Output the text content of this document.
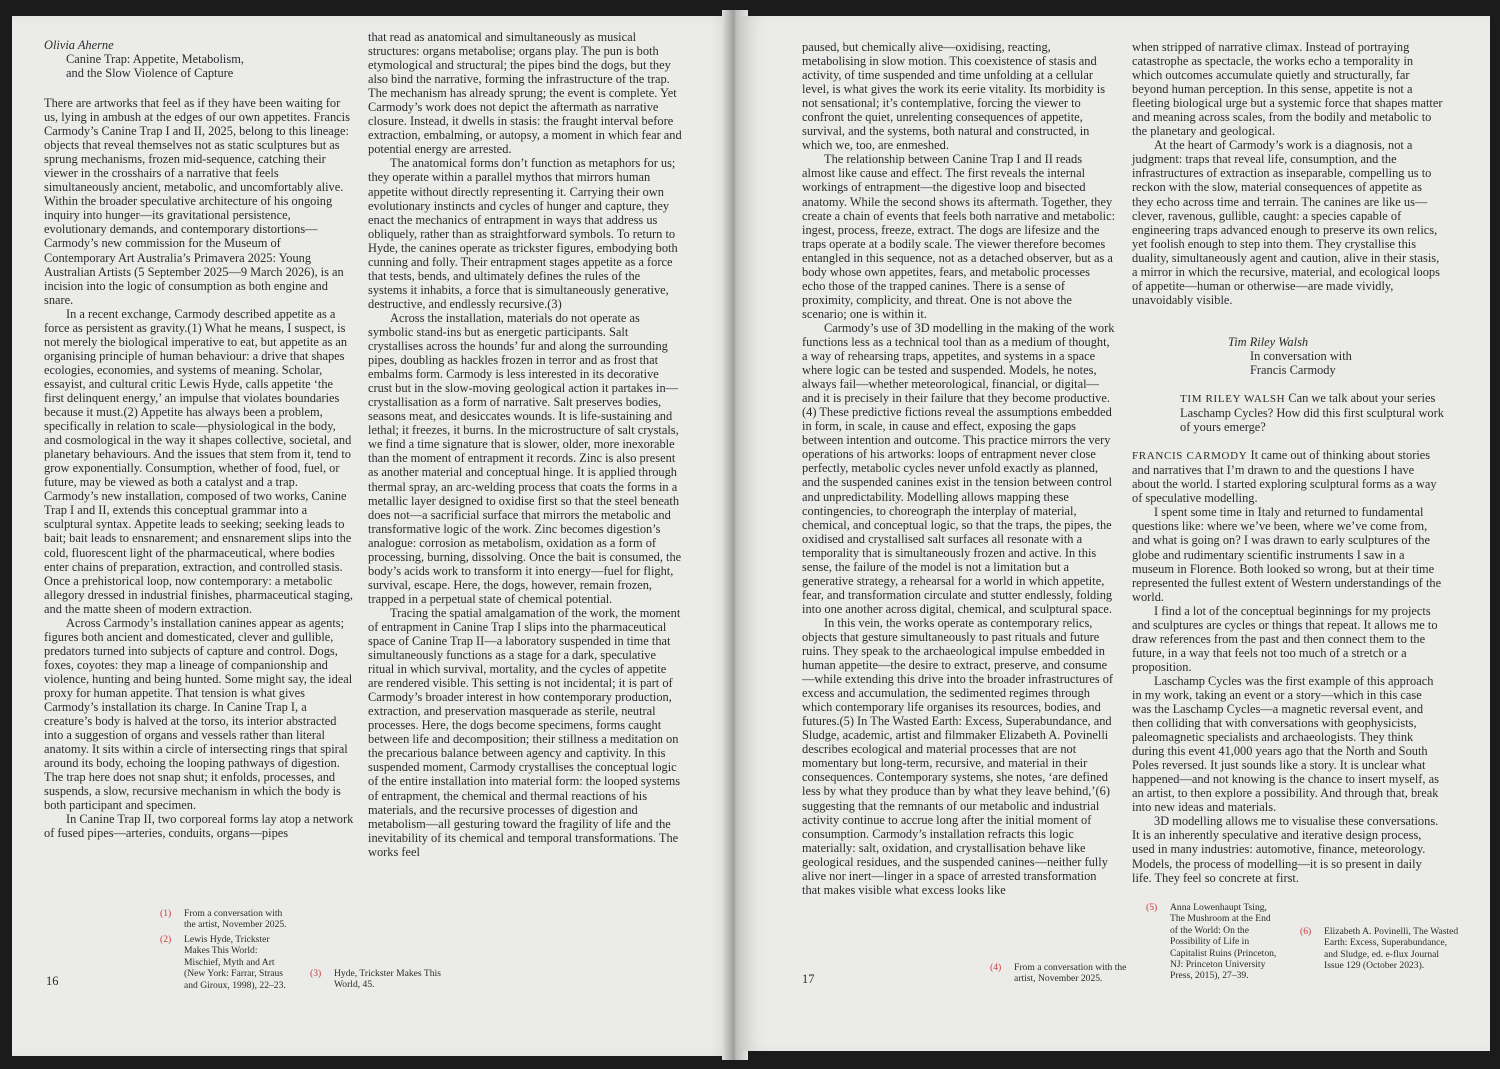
Olivia Aherne
Canine Trap: Appetite, Metabolism,
and the Slow Violence of Capture

There are artworks that feel as if they have been waiting for us, lying in ambush at the edges of our own appetites. Francis Carmody’s Canine Trap I and II, 2025, belong to this lineage: objects that reveal themselves not as static sculptures but as sprung mechanisms, frozen mid-sequence, catching their viewer in the crosshairs of a narrative that feels simultaneously ancient, metabolic, and uncomfortably alive. Within the broader speculative architecture of his ongoing inquiry into hunger—its gravitational persistence, evolutionary demands, and contemporary distortions—Carmody’s new commission for the Museum of Contemporary Art Australia’s Primavera 2025: Young Australian Artists (5 September 2025—9 March 2026), is an incision into the logic of consumption as both engine and snare.

In a recent exchange, Carmody described appetite as a force as persistent as gravity.(1) What he means, I suspect, is not merely the biological imperative to eat, but appetite as an organising principle of human behaviour: a drive that shapes ecologies, economies, and systems of meaning. Scholar, essayist, and cultural critic Lewis Hyde, calls appetite ‘the first delinquent energy,’ an impulse that violates boundaries because it must.(2) Appetite has always been a problem, specifically in relation to scale—physiological in the body, and cosmological in the way it shapes collective, societal, and planetary behaviours. And the issues that stem from it, tend to grow exponentially. Consumption, whether of food, fuel, or future, may be viewed as both a catalyst and a trap. Carmody’s new installation, composed of two works, Canine Trap I and II, extends this conceptual grammar into a sculptural syntax. Appetite leads to seeking; seeking leads to bait; bait leads to ensnarement; and ensnarement slips into the cold, fluorescent light of the pharmaceutical, where bodies enter chains of preparation, extraction, and controlled stasis. Once a prehistorical loop, now contemporary: a metabolic allegory dressed in industrial finishes, pharmaceutical staging, and the matte sheen of modern extraction.

Across Carmody’s installation canines appear as agents; figures both ancient and domesticated, clever and gullible, predators turned into subjects of capture and control. Dogs, foxes, coyotes: they map a lineage of companionship and violence, hunting and being hunted. Some might say, the ideal proxy for human appetite. That tension is what gives Carmody’s installation its charge. In Canine Trap I, a creature’s body is halved at the torso, its interior abstracted into a suggestion of organs and vessels rather than literal anatomy. It sits within a circle of intersecting rings that spiral around its body, echoing the looping pathways of digestion. The trap here does not snap shut; it enfolds, processes, and suspends, a slow, recursive mechanism in which the body is both participant and specimen.

In Canine Trap II, two corporeal forms lay atop a network of fused pipes—arteries, conduits, organs—pipes

that read as anatomical and simultaneously as musical structures: organs metabolise; organs play. The pun is both etymological and structural; the pipes bind the dogs, but they also bind the narrative, forming the infrastructure of the trap. The mechanism has already sprung; the event is complete. Yet Carmody’s work does not depict the aftermath as narrative closure. Instead, it dwells in stasis: the fraught interval before extraction, embalming, or autopsy, a moment in which fear and potential energy are arrested.

The anatomical forms don’t function as metaphors for us; they operate within a parallel mythos that mirrors human appetite without directly representing it. Carrying their own evolutionary instincts and cycles of hunger and capture, they enact the mechanics of entrapment in ways that address us obliquely, rather than as straightforward symbols. To return to Hyde, the canines operate as trickster figures, embodying both cunning and folly. Their entrapment stages appetite as a force that tests, bends, and ultimately defines the rules of the systems it inhabits, a force that is simultaneously generative, destructive, and endlessly recursive.(3)

Across the installation, materials do not operate as symbolic stand-ins but as energetic participants. Salt crystallises across the hounds’ fur and along the surrounding pipes, doubling as hackles frozen in terror and as frost that embalms form. Carmody is less interested in its decorative crust but in the slow-moving geological action it partakes in—crystallisation as a form of narrative. Salt preserves bodies, seasons meat, and desiccates wounds. It is life-sustaining and lethal; it freezes, it burns. In the microstructure of salt crystals, we find a time signature that is slower, older, more inexorable than the moment of entrapment it records. Zinc is also present as another material and conceptual hinge. It is applied through thermal spray, an arc-welding process that coats the forms in a metallic layer designed to oxidise first so that the steel beneath does not—a sacrificial surface that mirrors the metabolic and transformative logic of the work. Zinc becomes digestion’s analogue: corrosion as metabolism, oxidation as a form of processing, burning, dissolving. Once the bait is consumed, the body’s acids work to transform it into energy—fuel for flight, survival, escape. Here, the dogs, however, remain frozen, trapped in a perpetual state of chemical potential.

Tracing the spatial amalgamation of the work, the moment of entrapment in Canine Trap I slips into the pharmaceutical space of Canine Trap II—a laboratory suspended in time that simultaneously functions as a stage for a dark, speculative ritual in which survival, mortality, and the cycles of appetite are rendered visible. This setting is not incidental; it is part of Carmody’s broader interest in how contemporary production, extraction, and preservation masquerade as sterile, neutral processes. Here, the dogs become specimens, forms caught between life and decomposition; their stillness a meditation on the precarious balance between agency and captivity. In this suspended moment, Carmody crystallises the conceptual logic of the entire installation into material form: the looped systems of entrapment, the chemical and thermal reactions of his materials, and the recursive processes of digestion and metabolism—all gesturing toward the fragility of life and the inevitability of its chemical and temporal transformations. The works feel

(1)	From a conversation with the artist, November 2025.
(2)	Lewis Hyde, Trickster Makes This World: Mischief, Myth and Art (New York: Farrar, Straus and Giroux, 1998), 22–23.
(3)	Hyde, Trickster Makes This World, 45.
16

paused, but chemically alive—oxidising, reacting, metabolising in slow motion. This coexistence of stasis and activity, of time suspended and time unfolding at a cellular level, is what gives the work its eerie vitality. Its morbidity is not sensational; it’s contemplative, forcing the viewer to confront the quiet, unrelenting consequences of appetite, survival, and the systems, both natural and constructed, in which we, too, are enmeshed.

The relationship between Canine Trap I and II reads almost like cause and effect. The first reveals the internal workings of entrapment—the digestive loop and bisected anatomy. While the second shows its aftermath. Together, they create a chain of events that feels both narrative and metabolic: ingest, process, freeze, extract. The dogs are lifesize and the traps operate at a bodily scale. The viewer therefore becomes entangled in this sequence, not as a detached observer, but as a body whose own appetites, fears, and metabolic processes echo those of the trapped canines. There is a sense of proximity, complicity, and threat. One is not above the scenario; one is within it.

Carmody’s use of 3D modelling in the making of the work functions less as a technical tool than as a medium of thought, a way of rehearsing traps, appetites, and systems in a space where logic can be tested and suspended. Models, he notes, always fail—whether meteorological, financial, or digital—and it is precisely in their failure that they become productive.(4) These predictive fictions reveal the assumptions embedded in form, in scale, in cause and effect, exposing the gaps between intention and outcome. This practice mirrors the very operations of his artworks: loops of entrapment never close perfectly, metabolic cycles never unfold exactly as planned, and the suspended canines exist in the tension between control and unpredictability. Modelling allows mapping these contingencies, to choreograph the interplay of material, chemical, and conceptual logic, so that the traps, the pipes, the oxidised and crystallised salt surfaces all resonate with a temporality that is simultaneously frozen and active. In this sense, the failure of the model is not a limitation but a generative strategy, a rehearsal for a world in which appetite, fear, and transformation circulate and stutter endlessly, folding into one another across digital, chemical, and sculptural space.

In this vein, the works operate as contemporary relics, objects that gesture simultaneously to past rituals and future ruins. They speak to the archaeological impulse embedded in human appetite—the desire to extract, preserve, and consume—while extending this drive into the broader infrastructures of excess and accumulation, the sedimented regimes through which contemporary life organises its resources, bodies, and futures.(5) In The Wasted Earth: Excess, Superabundance, and Sludge, academic, artist and filmmaker Elizabeth A. Povinelli describes ecological and material processes that are not momentary but long-term, recursive, and material in their consequences. Contemporary systems, she notes, ‘are defined less by what they produce than by what they leave behind,’(6) suggesting that the remnants of our metabolic and industrial activity continue to accrue long after the initial moment of consumption. Carmody’s installation refracts this logic materially: salt, oxidation, and crystallisation behave like geological residues, and the suspended canines—neither fully alive nor inert—linger in a space of arrested transformation that makes visible what excess looks like

when stripped of narrative climax. Instead of portraying catastrophe as spectacle, the works echo a temporality in which outcomes accumulate quietly and structurally, far beyond human perception. In this sense, appetite is not a fleeting biological urge but a systemic force that shapes matter and meaning across scales, from the bodily and metabolic to the planetary and geological.

At the heart of Carmody’s work is a diagnosis, not a judgment: traps that reveal life, consumption, and the infrastructures of extraction as inseparable, compelling us to reckon with the slow, material consequences of appetite as they echo across time and terrain. The canines are like us—clever, ravenous, gullible, caught: a species capable of engineering traps advanced enough to preserve its own relics, yet foolish enough to step into them. They crystallise this duality, simultaneously agent and caution, alive in their stasis, a mirror in which the recursive, material, and ecological loops of appetite—human or otherwise—are made vividly, unavoidably visible.

Tim Riley Walsh
In conversation with
Francis Carmody

TIM RILEY WALSH Can we talk about your series Laschamp Cycles? How did this first sculptural work of yours emerge?

FRANCIS CARMODY It came out of thinking about stories and narratives that I’m drawn to and the questions I have about the world. I started exploring sculptural forms as a way of speculative modelling.

I spent some time in Italy and returned to fundamental questions like: where we’ve been, where we’ve come from, and what is going on? I was drawn to early sculptures of the globe and rudimentary scientific instruments I saw in a museum in Florence. Both looked so wrong, but at their time represented the fullest extent of Western understandings of the world.

I find a lot of the conceptual beginnings for my projects and sculptures are cycles or things that repeat. It allows me to draw references from the past and then connect them to the future, in a way that feels not too much of a stretch or a proposition.

Laschamp Cycles was the first example of this approach in my work, taking an event or a story—which in this case was the Laschamp Cycles—a magnetic reversal event, and then colliding that with conversations with geophysicists, paleomagnetic specialists and archaeologists. They think during this event 41,000 years ago that the North and South Poles reversed. It just sounds like a story. It is unclear what happened—and not knowing is the chance to insert myself, as an artist, to then explore a possibility. And through that, break into new ideas and materials.

3D modelling allows me to visualise these conversations. It is an inherently speculative and iterative design process, used in many industries: automotive, finance, meteorology. Models, the process of modelling—it is so present in daily life. They feel so concrete at first.

(4)	From a conversation with the artist, November 2025.
(5)	Anna Lowenhaupt Tsing, The Mushroom at the End of the World: On the Possibility of Life in Capitalist Ruins (Princeton, NJ: Princeton University Press, 2015), 27–39.
(6)	Elizabeth A. Povinelli, The Wasted Earth: Excess, Superabundance, and Sludge, ed. e-flux Journal Issue 129 (October 2023).
17
